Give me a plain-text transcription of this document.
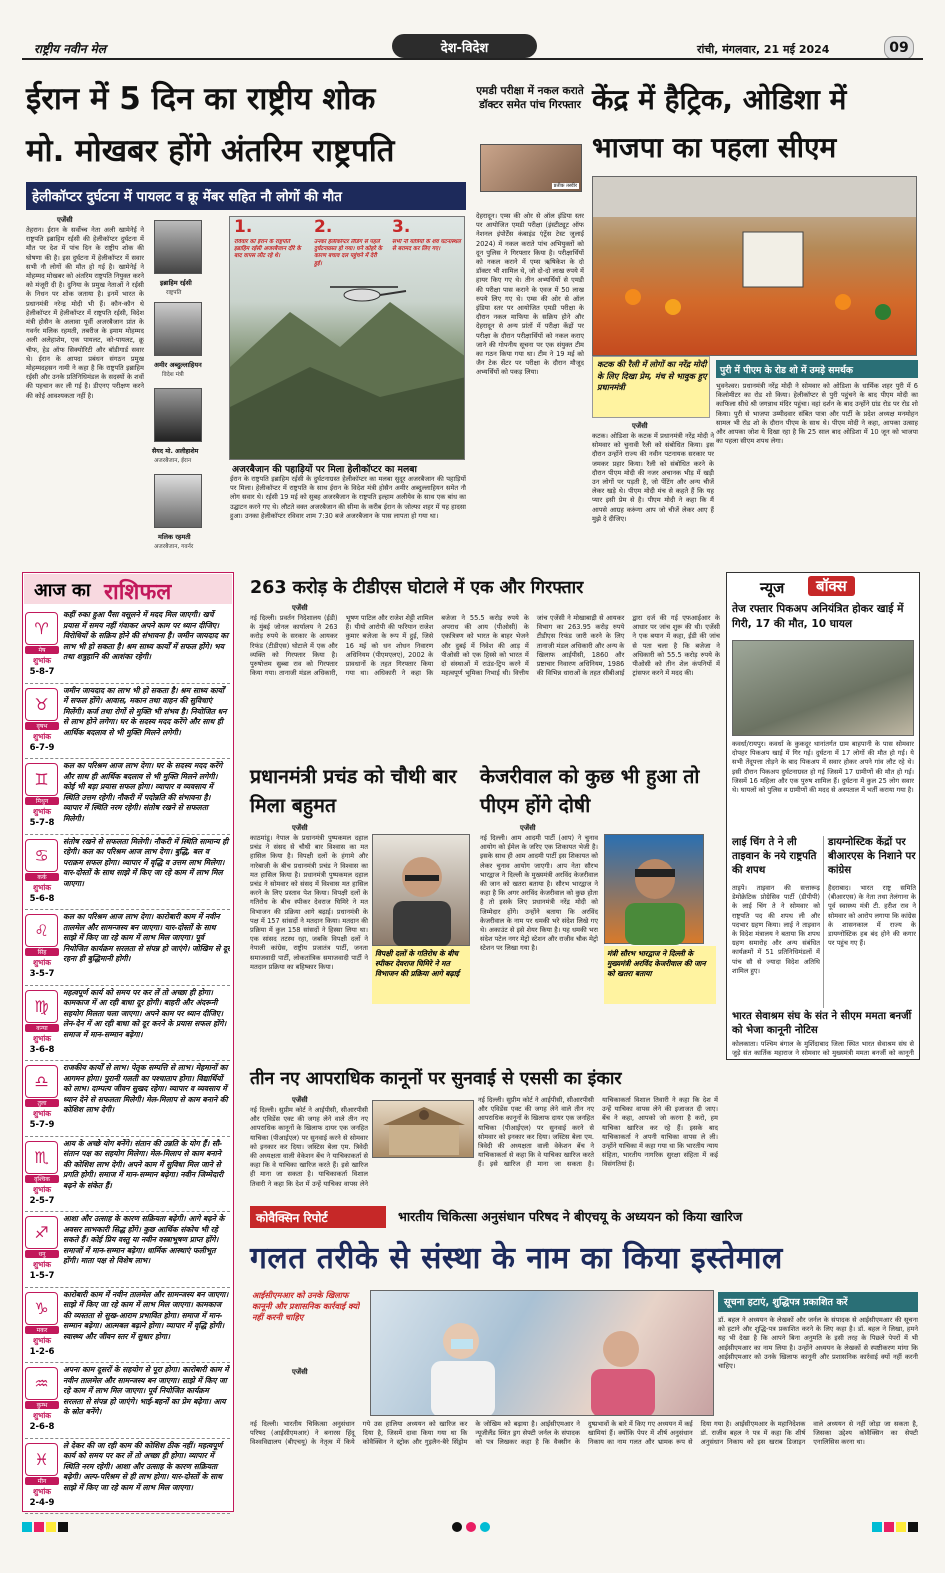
राष्ट्रीय नवीन मेल	देश-विदेश	रांची, मंगलवार, 21 मई 2024	09
ईरान में 5 दिन का राष्ट्रीय शोक
मो. मोखबर होंगे अंतरिम राष्ट्रपति
हेलीकॉप्टर दुर्घटना में पायलट व क्रू मेंबर सहित नौ लोगों की मौत
एजेंसी
तेहरान। ईरान के सर्वोच्च नेता अली खामेनेई ने राष्ट्रपति इब्राहिम रईसी की हेलीकॉप्टर दुर्घटना में मौत पर देश में पांच दिन के राष्ट्रीय शोक की घोषणा की है। इस दुर्घटना में हेलीकॉप्टर में सवार सभी नौ लोगों की मौत हो गई है। खामेनेई ने मोहम्मद मोखबर को अंतरिम राष्ट्रपति नियुक्त करने को मंजूरी दी है। दुनिया के प्रमुख नेताओं ने रईसी के निधन पर शोक जताया है। इनमें भारत के प्रधानमंत्री नरेन्द्र मोदी भी हैं। कौन-कौन थे हेलीकॉप्टर में हेलीकॉप्टर में राष्ट्रपति रईसी, विदेश मंत्री होसैन के अलावा पूर्वी अजरबैजान प्रांत के गवर्नर मलिक रहमती, तबरीज के इमाम मोहम्मद अली अलेहाशेम, एक पायलट, को-पायलट, क्रू चीफ, हेड ऑफ सिक्योरिटी और बॉडीगार्ड सवार थे। ईरान के आपदा प्रबंधन संगठन प्रमुख मोहम्मदहसन नामी ने कहा है कि राष्ट्रपति इब्राहिम रईसी और उनके प्रतिनिधिमंडल के सदस्यों के शवों की पहचान कर ली गई है। डीएनए परीक्षण करने की कोई आवश्यकता नहीं है।
इब्राहिम रईसी
राष्ट्रपति
अमीर अब्दुल्लाहियन
विदेश मंत्री
सैयद मो. अलीहाशेम
अजरबैजान, ईरान
मलिक रहमती
अजरबैजान, गवर्नर
1.
रविवार को ईरान के राष्ट्रपति इब्राहिम रईसी अजरबैजान दौरे के बाद वापस लौट रहे थे।
2.
उनका हेलीकॉप्टर लैंडिंग से पहले दुर्घटनाग्रस्त हो गया। घने कोहरे के कारण बचाव दल पहुंचने में देरी हुई।
3.
सभी नौ यात्रियों के शव घटनास्थल से बरामद कर लिए गए।
अजरबैजान की पहाड़ियों पर मिला हेलीकॉप्टर का मलबा
ईरान के राष्ट्रपति इब्राहिम रईसी के दुर्घटनाग्रस्त हेलीकॉप्टर का मलबा सुदूर अजरबैजान की पहाड़ियों पर मिला। हेलीकॉप्टर में राष्ट्रपति के साथ ईरान के विदेश मंत्री होसैन अमीर अब्दुल्लाहियन समेत नौ लोग सवार थे। रईसी 19 मई को सुबह अजरबैजान के राष्ट्रपति इल्हाम अलीयेव के साथ एक बांध का उद्घाटन करने गए थे। लौटते वक्त अजरबैजान की सीमा के करीब ईरान के जोल्फा शहर में यह हादसा हुआ। उनका हेलीकॉप्टर रविवार शाम 7:30 बजे अजरबैजान के पास लापता हो गया था।
एमडी परीक्षा में नकल कराते डॉक्टर समेत पांच गिरफ्तार
प्रतीक तस्वीर
देहरादून। एम्स की ओर से ऑल इंडिया स्तर पर आयोजित एमडी परीक्षा (इंस्टीट्यूट ऑफ नेशनल इंपोर्टेंस कंबाइंड एंट्रेंस टेस्ट जुलाई 2024) में नकल कराते पांच अभियुक्तों को दून पुलिस ने गिरफ्तार किया है। परीक्षार्थियों को नकल कराने में एम्स ऋषिकेश के दो डॉक्टर भी शामिल थे, जो दो-दो लाख रुपये में हायर किए गए थे। तीन अभ्यर्थियों से एमडी की परीक्षा पास कराने के एवज में 50 लाख रुपये लिए गए थे। एम्स की ओर से ऑल इंडिया स्तर पर आयोजित एमडी परीक्षा के दौरान नकल माफिया के सक्रिय होने और देहरादून से अन्य प्रांतों में परीक्षा केंद्रों पर परीक्षा के दौरान परीक्षार्थियों को नकल कराए जाने की गोपनीय सूचना पर एक संयुक्त टीम का गठन किया गया था। टीम ने 19 मई को जैन टेक सेंटर पर परीक्षा के दौरान मौजूद अभ्यर्थियों को पकड़ लिया।
केंद्र में हैट्रिक, ओडिशा में
भाजपा का पहला सीएम
कटक की रैली में लोगों का नरेंद्र मोदी के लिए दिखा प्रेम, मंच से भावुक हुए प्रधानमंत्री
एजेंसी
कटक। ओडिशा के कटक में प्रधानमंत्री नरेंद्र मोदी ने सोमवार को चुनावी रैली को संबोधित किया। इस दौरान उन्होंने राज्य की नवीन पटनायक सरकार पर जमकर प्रहार किया। रैली को संबोधित करने के दौरान पीएम मोदी की नजर अचानक भीड़ में खड़ी उन लोगों पर पड़ती है, जो पेंटिंग और अन्य चीजें लेकर खड़े थे। पीएम मोदी मंच से कहते हैं कि यह प्यार इसी प्रेम से है। पीएम मोदी ने कहा कि मैं आपसे आग्रह करूंगा आप जो चीजें लेकर आए हैं मुझे दे दीजिए।
पुरी में पीएम के रोड शो में उमड़े समर्थक
भुवनेश्वर। प्रधानमंत्री नरेंद्र मोदी ने सोमवार को ओडिशा के धार्मिक शहर पुरी में 6 किलोमीटर का रोड शो किया। हेलीकॉप्टर से पुरी पहुंचने के बाद पीएम मोदी का काफिला सीधे श्री जगन्नाथ मंदिर पहुंचा। वहां दर्शन के बाद उन्होंने ग्रांड रोड पर रोड शो किया। पुरी से भाजपा उम्मीदवार संबित पात्रा और पार्टी के प्रदेश अध्यक्ष मनमोहन सामल भी रोड शो के दौरान पीएम के साथ थे। पीएम मोदी ने कहा, आपका उत्साह और आपका जोश ये दिखा रहा है कि 25 साल बाद ओडिशा में 10 जून को भाजपा का पहला सीएम शपथ लेगा।
आज का राशिफल
♈
मेष
शुभांक
5-8-7
कहीं रुका हुआ पैसा वसूलने में मदद मिल जाएगी। खर्चे प्रयास में समय नहीं गंवाकर अपने काम पर ध्यान दीजिए। विरोधियों के सक्रिय होने की संभावना है। जमीन जायदाद का लाभ भी हो सकता है। श्रम साध्य कार्यों में सफल होंगे। भय तथा शत्रुहानि की आशंका रहेगी।
♉
वृषभ
शुभांक
6-7-9
जमीन जायदाद का लाभ भी हो सकता है। श्रम साध्य कार्यों में सफल होंगे। आवास, मकान तथा वाहन की सुविधाएं मिलेंगी। कर्ज तथा रोगों से मुक्ति भी संभव है। नियोजित धन से लाभ होने लगेगा। घर के सदस्य मदद करेंगे और साथ ही आर्थिक बदलाव से भी मुक्ति मिलने लगेगी।
♊
मिथुन
शुभांक
5-7-8
कल का परिश्रम आज लाभ देगा। घर के सदस्य मदद करेंगे और साथ ही आर्थिक बदलाव से भी मुक्ति मिलने लगेगी। कोई भी बड़ा प्रयास सफल होगा। व्यापार व व्यवसाय में स्थिति उत्तम रहेगी। नौकरी में पदोन्नति की संभावना है। व्यापार में स्थिति नरम रहेगी। संतोष रखने से सफलता मिलेगी।
♋
कर्क
शुभांक
5-6-8
संतोष रखने से सफलता मिलेगी। नौकरी में स्थिति सामान्य ही रहेगी। कल का परिश्रम आज लाभ देगा। बुद्धि, बल व पराक्रम सफल होगा। व्यापार में वृद्धि व उत्तम लाभ मिलेगा। वार-दोस्तों के साथ साझे में किए जा रहे काम में लाभ मिल जाएगा।
♌
सिंह
शुभांक
3-5-7
कल का परिश्रम आज लाभ देगा। कारोबारी काम में नवीन तालमेल और सामन्जस्य बन जाएगा। यार-दोस्तों के साथ साझे में किए जा रहे काम में लाभ मिल जाएगा। पूर्व नियोजित कार्यक्रम सरलता से संपन्न हो जाएंगे। जोखिम से दूर रहना ही बुद्धिमानी होगी।
♍
कन्या
शुभांक
3-6-8
महत्वपूर्ण कार्य को समय पर कर लें तो अच्छा ही होगा। कामकाज में आ रही बाधा दूर होगी। बाहरी और अंदरूनी सहयोग मिलता चला जाएगा। अपने काम पर ध्यान दीजिए। लेन-देन में आ रही बाधा को दूर करने के प्रयास सफल होंगे। समाज में मान-सम्मान बढ़ेगा।
♎
तुला
शुभांक
5-7-9
राजकीय कार्यों से लाभ। पेतृक सम्पत्ति से लाभ। मेहमानों का आगमन होगा। पुरानी गलती का पश्चाताप होगा। विद्यार्थियों को लाभ। दाम्पत्य जीवन सुखद रहेगा। व्यापार व व्यवसाय में ध्यान देने से सफलता मिलेगी। मेल-मिलाप से काम बनाने की कोशिश लाभ देगी।
♏
वृश्चिक
शुभांक
2-5-7
आय के अच्छे योग बनेंगे। संतान की उन्नति के योग हैं। सौ-संतान पक्ष का सहयोग मिलेगा। मेल-मिलाप से काम बनाने की कोशिश लाभ देगी। अपने काम में सुविधा मिल जाने से प्रगति होगी। समाज में मान-सम्मान बढ़ेगा। नवीन जिम्मेदारी बढ़ने के संकेत हैं।
♐
धनु
शुभांक
1-5-7
आशा और उत्साह के कारण सक्रियता बढ़ेगी। आगे बढ़ने के अवसर लाभकारी सिद्ध होंगे। कुछ आर्थिक संकोच भी रहे सकते हैं। कोई प्रिय वस्तु या नवीन वस्त्राभूषण प्राप्त होंगे। समाजों में मान-सम्मान बढ़ेगा। धार्मिक आस्थाएं फलीभूत होंगी। माता पक्ष से विशेष लाभ।
♑
मकर
शुभांक
1-2-6
कारोबारी काम में नवीन तालमेल और सामन्जस्य बन जाएगा। साझे में किए जा रहे काम में लाभ मिल जाएगा। कामकाज की व्यस्तता से सुख-आराम प्रभावित होगा। समाज में मान-सम्मान बढ़ेगा। आत्मबल बढ़ाने होगा। व्यापार में वृद्धि होगी। स्वास्थ्य और जीवन स्तर में सुधार होगा।
♒
कुम्भ
शुभांक
2-6-8
अपना काम दूसरों के सहयोग से पूरा होगा। कारोबारी काम में नवीन तालमेल और सामन्जस्य बन जाएगा। साझे में किए जा रहे काम में लाभ मिल जाएगा। पूर्व नियोजित कार्यक्रम सरलता से संपन्न हो जाएंगे। भाई-बहनों का प्रेम बढ़ेगा। आय के स्रोत बनेंगे।
♓
मीन
शुभांक
2-4-9
ले देकर की जा रही काम की कोशिश ठीक नहीं। महत्वपूर्ण कार्य को समय पर कर लें तो अच्छा ही होगा। व्यापार में स्थिति नरम रहेगी। आशा और उत्साह के कारण सक्रियता बढ़ेगी। अल्प-परिश्रम से ही लाभ होगा। यार-दोस्तों के साथ साझे में किए जा रहे काम में लाभ मिल जाएगा।
263 करोड़ के टीडीएस घोटाले में एक और गिरफ्तार
एजेंसी
नई दिल्ली। प्रवर्तन निदेशालय (ईडी) के मुंबई जोनल कार्यालय ने 263 करोड़ रुपये के सरकार के आयकर रिफंड (टीडीएस) घोटाले में एक और व्यक्ति को गिरफ्तार किया है। पुरुषोत्तम सुब्बा राव को गिरफ्तार किया गया। तानाजी मंडल अधिकारी, भूषण पाटिल और राजेश शेट्टी शामिल हैं। यीयो आरोपी की फरियान राजेश कुमार बजेजा के रूप में हुई, जिसे 16 मई को धन शोधन निवारण अधिनियम (पीएमएलए), 2002 के प्रावधानों के तहत गिरफ्तार किया गया था। अधिकारी ने कहा कि बजेजा ने 55.5 करोड़ रुपये के अपराध की आय (पीओसी) के एकत्रित्रण को भारत के बाहर भेजने और दुबई में निवेश की आड़ में पीओसी को एक हिस्से को भारत में दो संस्थाओं में राउंड-ट्रिप करने में महत्वपूर्ण भूमिका निभाई थी। वित्तीय जांच एजेंसी ने मोखाबाद्री से आयकर विभाग का 263.95 करोड़ रुपये टीडीएस रिफंड जारी करने के लिए तानाजी मंडल अधिकारी और अन्य के खिलाफ आईपीसी, 1860 और प्रष्टाचार निवारण अधिनियम, 1986 की विभिन्न धाराओं के तहत सीबीआई द्वारा दर्ज की गई एफआईआर के आधार पर जांच शुरू की थी। एजेंसी ने एक बयान में कहा, ईडी की जांच से पता चला है कि बजेजा ने अधिकारी को 55.5 करोड़ रुपये के पीओसी को तीन शेल कंपनियों में ट्रांसफर करने में मदद की।
प्रधानमंत्री प्रचंड को चौथी बार मिला बहुमत
एजेंसी
काठमांडू। नेपाल के प्रधानमंत्री पुष्पकमल दहाल प्रचंड ने संसद से चौथी बार विश्वास का मत हासिल किया है। विपक्षी दलों के हंगामे और नारेबाजी के बीच प्रधानमंत्री प्रचंड ने विश्वास का मत हासिल किया है। प्रधानमंत्री पुष्पकमल दहाल प्रचंड ने सोमवार को संसद में विश्वास मत हासिल करने के लिए प्रस्ताव पेश किया। विपक्षी दलों के गतिरोध के बीच स्पीकर देवराज घिमिरे ने मत विभाजन की प्रक्रिया आगे बढ़ाई। प्रधानमंत्री के पक्ष में 157 सांसदों ने मतदान किया। मतदान की प्रक्रिया में कुल 158 सांसदों ने हिस्सा लिया था। एक सांसद तटस्थ रहा, जबकि विपक्षी दलों ने नेपाली कांग्रेस, राष्ट्रीय प्रजातंत्र पार्टी, जनता समाजवादी पार्टी, लोकतांत्रिक समाजवादी पार्टी ने मतदान प्रक्रिया का बहिष्कार किया।
विपक्षी दलों के गतिरोध के बीच स्पीकर देवराज घिमिरे ने मत विभाजन की प्रक्रिया आगे बढ़ाई
केजरीवाल को कुछ भी हुआ तो पीएम होंगे दोषी
एजेंसी
नई दिल्ली। आम आदमी पार्टी (आप) ने चुनाव आयोग को ईमेल के जरिए एक शिकायत भेजी है। इसके साथ ही आम आदमी पार्टी इस शिकायत को लेकर चुनाव आयोग जाएगी। आप नेता सौरभ भारद्वाज ने दिल्ली के मुख्यमंत्री अरविंद केजरीवाल की जान को खतरा बताया है। सौरभ भारद्वाज ने कहा है कि अगर अरविंद केजरीवाल को कुछ होता है तो इसके लिए प्रधानमंत्री नरेंद्र मोदी को जिम्मेदार होंगे। उन्होंने बताया कि अरविंद केजरीवाल के नाम पर धमकी भरे संदेश लिखे गए थे। अकाउंट से इसे शेयर किया है। यह धमकी भरा संदेश पटेल नगर मेट्रो स्टेशन और राजीव चौक मेट्रो स्टेशन पर लिखा गया है।
मंत्री सौरभ भारद्वाज ने दिल्ली के मुख्यमंत्री अरविंद केजरीवाल की जान को खतरा बताया
न्यूज	बॉक्स
तेज रफ्तार पिकअप अनियंत्रित होकर खाई में गिरी, 17 की मौत, 10 घायल
कवर्धा/रायपुर। कवर्धा के कुकदूर थानांतर्गत ग्राम बाहपानी के पास सोमवार दोपहर पिकअप खाई में गिर गई। दुर्घटना में 17 लोगों की मौत हो गई। ये सभी तेंदूपत्ता तोड़ने के बाद पिकअप में सवार होकर अपने गांव लौट रहे थे। इसी दौरान पिकअप दुर्घटनाग्रस्त हो गई जिसमें 17 ग्रामीणों की मौत हो गई। जिसमें 16 महिला और एक पुरुष शामिल हैं। दुर्घटना में कुल 25 लोग सवार थे। घायलों को पुलिस व ग्रामीणों की मदद से अस्पताल में भर्ती कराया गया है।
लाई चिंग ते ने ली ताइवान के नये राष्ट्रपति की शपथ
ताइपे। ताइवान की सत्तारूढ़ डेमोक्रेटिक प्रोग्रेसिव पार्टी (डीपीपी) के लाई चिंग ते ने सोमवार को राष्ट्रपति पद की शपथ ली और पदभार ग्रहण किया। लाई ने ताइवान के विदेश मंत्रालय ने बताया कि शपथ ग्रहण समारोह और अन्य संबंधित कार्यक्रमों में 51 प्रतिनिधिमंडलों में पांच सौ से ज्यादा विदेश अतिथि शामिल हुए।
डायग्नोस्टिक केंद्रों पर बीआरएस के निशाने पर कांग्रेस
हैदराबाद। भारत राष्ट्र समिति (बीआरएस) के नेता तथा तेलंगाना के पूर्व स्वास्थ्य मंत्री टी. हरीश राव ने सोमवार को आरोप लगाया कि कांग्रेस के शासनकाल में राज्य के डायग्नोस्टिक हब बंद होने की कगार पर पहुंच गए हैं।
भारत सेवाश्रम संघ के संत ने सीएम ममता बनर्जी को भेजा कानूनी नोटिस
कोलकाता। पश्चिम बंगाल के मुर्शिदाबाद जिला स्थित भारत सेवाश्रम संघ से जुड़े संत कार्तिक महाराज ने सोमवार को मुख्यमंत्री ममता बनर्जी को कानूनी
तीन नए आपराधिक कानूनों पर सुनवाई से एससी का इंकार
एजेंसी
नई दिल्ली। सुप्रीम कोर्ट ने आईपीसी, सीआरपीसी और एविडेंस एक्ट की जगह लेने वाले तीन नए आपराधिक कानूनों के खिलाफ दायर एक जनहित याचिका (पीआईएल) पर सुनवाई करने से सोमवार को इनकार कर दिया। जस्टिस बेला एम. त्रिवेदी की अध्यक्षता वाली वेकेशन बेंच ने याचिकाकर्ता से कहा कि वे याचिका खारिज करते हैं। इसे खारिज ही माना जा सकता है। याचिकाकर्ता विशाल तिवारी ने कहा कि देश में उन्हें याचिका वापस लेने
नई दिल्ली। सुप्रीम कोर्ट ने आईपीसी, सीआरपीसी और एविडेंस एक्ट की जगह लेने वाले तीन नए आपराधिक कानूनों के खिलाफ दायर एक जनहित याचिका (पीआईएल) पर सुनवाई करने से सोमवार को इनकार कर दिया। जस्टिस बेला एम. त्रिवेदी की अध्यक्षता वाली वेकेशन बेंच ने याचिकाकर्ता से कहा कि वे याचिका खारिज करते हैं। इसे खारिज ही माना जा सकता है। याचिकाकर्ता विशाल तिवारी ने कहा कि देश में उन्हें याचिका वापस लेने की इजाजत दी जाए। बेंच ने कहा, आपको जो करना है करो, हम याचिका खारिज कर रहे हैं। इसके बाद याचिकाकर्ता ने अपनी याचिका वापस ले ली। उन्होंने याचिका में कहा गया था कि भारतीय न्याय संहिता, भारतीय नागरिक सुरक्षा संहिता में कई विसंगतियां हैं।
कोवैक्सिन रिपोर्ट	भारतीय चिकित्सा अनुसंधान परिषद ने बीएचयू के अध्ययन को किया खारिज
गलत तरीके से संस्था के नाम का किया इस्तेमाल
आईसीएमआर को उनके खिलाफ कानूनी और प्रशासनिक कार्रवाई क्यों नहीं करनी चाहिए
एजेंसी
नई दिल्ली। भारतीय चिकित्सा अनुसंधान परिषद (आईसीएमआर) ने बनारस हिंदू विश्वविद्यालय (बीएचयू) के नेतृत्व में किये गये उस हालिया अध्ययन को खारिज कर दिया है, जिसमें दावा किया गया था कि कोवैक्सिन ने स्ट्रोक और गुइलैन-बैरे सिंड्रोम के जोखिम को बढ़ाया है। आईसीएमआर ने न्यूजीलैंड स्थित ड्रग सेफ्टी जर्नल के संपादक को पत्र लिखकर कहा है कि वैक्सीन के दुष्प्रभावों के बारे में किए गए अध्ययन में कई खामियां हैं। क्योंकि पेपर में शीर्ष अनुसंधान निकाय का नाम गलत और भ्रामक रूप से दिया गया है। आईसीएमआर के महानिदेशक डॉ. राजीव बहल ने पत्र में कहा कि शीर्ष अनुसंधान निकाय को इस खराब डिजाइन वाले अध्ययन से नहीं जोड़ा जा सकता है, जिसका उद्देश्य कोवैक्सिन का सेफ्टी एनालिसिस करना था।
सूचना हटाएं, शुद्धिपत्र प्रकाशित करें
डॉ. बहल ने अध्ययन के लेखकों और जर्नल के संपादक से आईसीएमआर की सूचना को हटाने और शुद्धि-पत्र प्रकाशित करने के लिए कहा है। डॉ. बहल ने लिखा, हमने यह भी देखा है कि आपने बिना अनुमति के इसी तरह के पिछले पेपरों में भी आईसीएमआर का नाम लिया है। उन्होंने अध्ययन के लेखकों से स्पष्टीकरण मांगा कि आईसीएमआर को उनके खिलाफ कानूनी और प्रशासनिक कार्रवाई क्यों नहीं करनी चाहिए।
